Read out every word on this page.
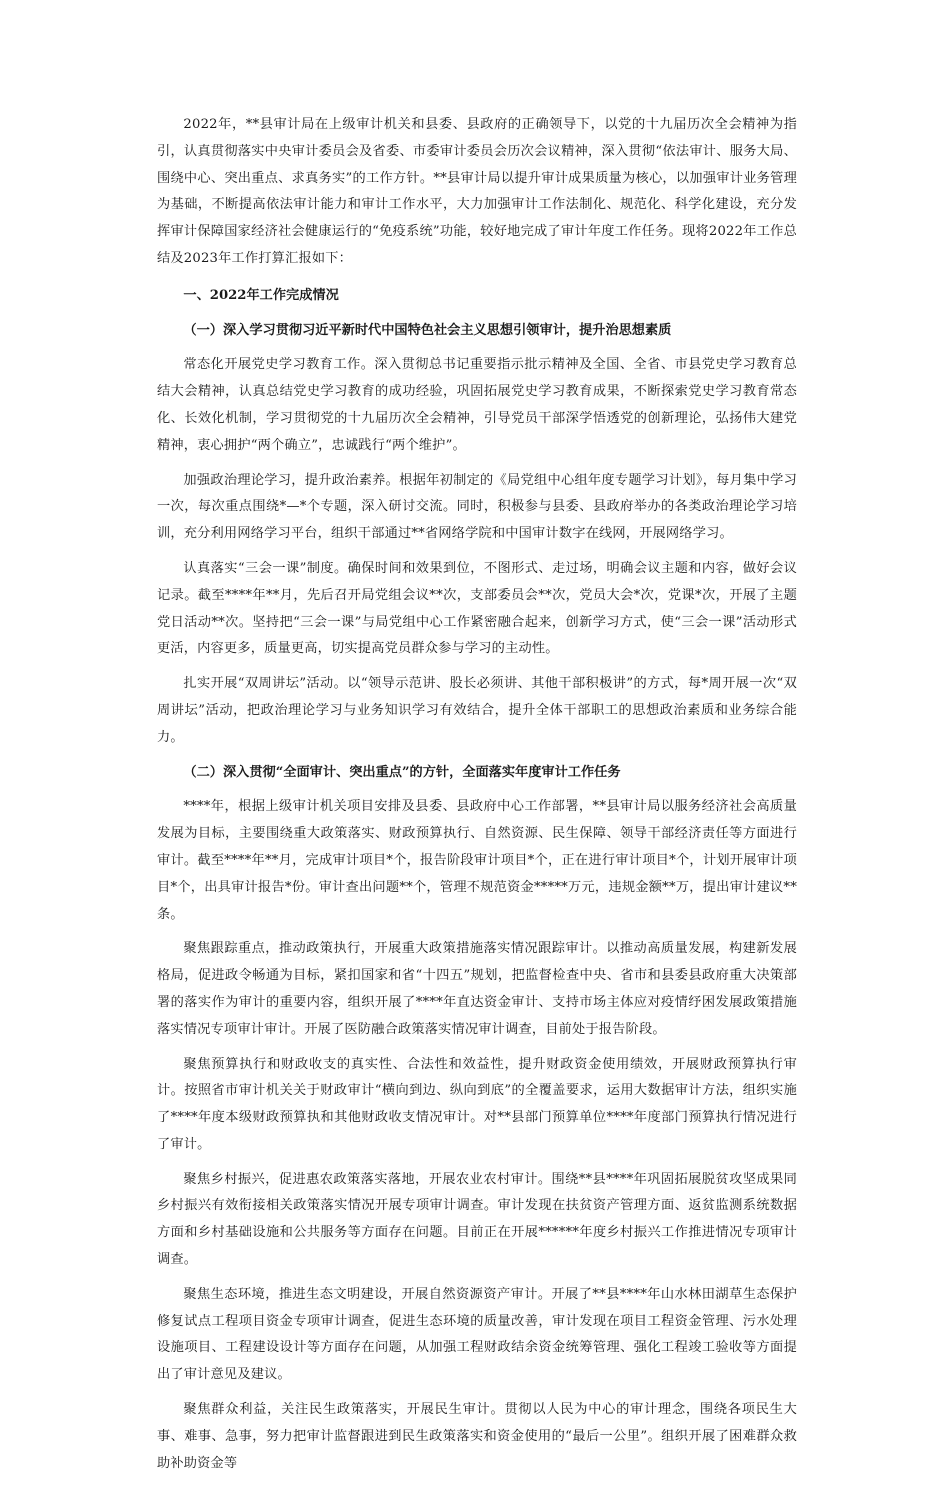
2022年，**县审计局在上级审计机关和县委、县政府的正确领导下，以党的十九届历次全会精神为指引，认真贯彻落实中央审计委员会及省委、市委审计委员会历次会议精神，深入贯彻“依法审计、服务大局、围绕中心、突出重点、求真务实”的工作方针。**县审计局以提升审计成果质量为核心，以加强审计业务管理为基础，不断提高依法审计能力和审计工作水平，大力加强审计工作法制化、规范化、科学化建设，充分发挥审计保障国家经济社会健康运行的“免疫系统”功能，较好地完成了审计年度工作任务。现将2022年工作总结及2023年工作打算汇报如下：

一、2022年工作完成情况

（一）深入学习贯彻习近平新时代中国特色社会主义思想引领审计，提升治思想素质

常态化开展党史学习教育工作。深入贯彻总书记重要指示批示精神及全国、全省、市县党史学习教育总结大会精神，认真总结党史学习教育的成功经验，巩固拓展党史学习教育成果，不断探索党史学习教育常态化、长效化机制，学习贯彻党的十九届历次全会精神，引导党员干部深学悟透党的创新理论，弘扬伟大建党精神，衷心拥护“两个确立”，忠诚践行“两个维护”。

加强政治理论学习，提升政治素养。根据年初制定的《局党组中心组年度专题学习计划》，每月集中学习一次，每次重点围绕*—*个专题，深入研讨交流。同时，积极参与县委、县政府举办的各类政治理论学习培训，充分利用网络学习平台，组织干部通过**省网络学院和中国审计数字在线网，开展网络学习。

认真落实“三会一课”制度。确保时间和效果到位，不图形式、走过场，明确会议主题和内容，做好会议记录。截至****年**月，先后召开局党组会议**次，支部委员会**次，党员大会*次，党课*次，开展了主题党日活动**次。坚持把“三会一课”与局党组中心工作紧密融合起来，创新学习方式，使“三会一课”活动形式更活，内容更多，质量更高，切实提高党员群众参与学习的主动性。

扎实开展“双周讲坛”活动。以“领导示范讲、股长必须讲、其他干部积极讲”的方式，每*周开展一次“双周讲坛”活动，把政治理论学习与业务知识学习有效结合，提升全体干部职工的思想政治素质和业务综合能力。

（二）深入贯彻“全面审计、突出重点”的方针，全面落实年度审计工作任务

****年，根据上级审计机关项目安排及县委、县政府中心工作部署，**县审计局以服务经济社会高质量发展为目标，主要围绕重大政策落实、财政预算执行、自然资源、民生保障、领导干部经济责任等方面进行审计。截至****年**月，完成审计项目*个，报告阶段审计项目*个，正在进行审计项目*个，计划开展审计项目*个，出具审计报告*份。审计查出问题**个，管理不规范资金*****万元，违规金额**万，提出审计建议**条。

聚焦跟踪重点，推动政策执行，开展重大政策措施落实情况跟踪审计。以推动高质量发展，构建新发展格局，促进政令畅通为目标，紧扣国家和省“十四五”规划，把监督检查中央、省市和县委县政府重大决策部署的落实作为审计的重要内容，组织开展了****年直达资金审计、支持市场主体应对疫情纾困发展政策措施落实情况专项审计审计。开展了医防融合政策落实情况审计调查，目前处于报告阶段。

聚焦预算执行和财政收支的真实性、合法性和效益性，提升财政资金使用绩效，开展财政预算执行审计。按照省市审计机关关于财政审计“横向到边、纵向到底”的全覆盖要求，运用大数据审计方法，组织实施了****年度本级财政预算执和其他财政收支情况审计。对**县部门预算单位****年度部门预算执行情况进行了审计。

聚焦乡村振兴，促进惠农政策落实落地，开展农业农村审计。围绕**县****年巩固拓展脱贫攻坚成果同乡村振兴有效衔接相关政策落实情况开展专项审计调查。审计发现在扶贫资产管理方面、返贫监测系统数据方面和乡村基础设施和公共服务等方面存在问题。目前正在开展******年度乡村振兴工作推进情况专项审计调查。

聚焦生态环境，推进生态文明建设，开展自然资源资产审计。开展了**县****年山水林田湖草生态保护修复试点工程项目资金专项审计调查，促进生态环境的质量改善，审计发现在项目工程资金管理、污水处理设施项目、工程建设设计等方面存在问题，从加强工程财政结余资金统筹管理、强化工程竣工验收等方面提出了审计意见及建议。

聚焦群众利益，关注民生政策落实，开展民生审计。贯彻以人民为中心的审计理念，围绕各项民生大事、难事、急事，努力把审计监督跟进到民生政策落实和资金使用的“最后一公里”。组织开展了困难群众救助补助资金等
